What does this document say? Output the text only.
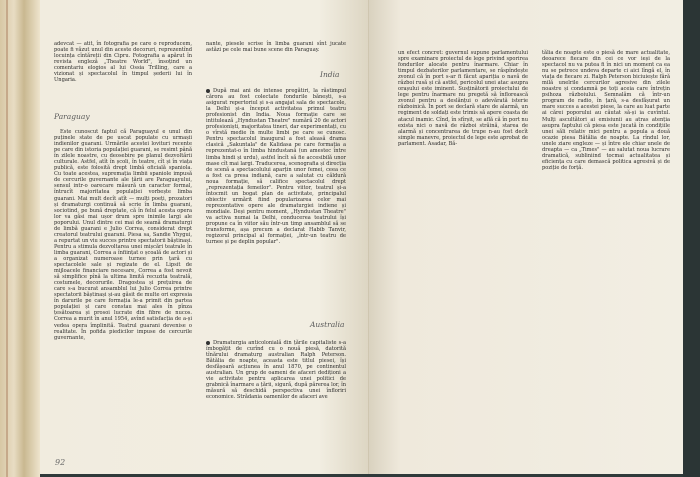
adevcat — atit, în fotografia pe care o reproducem, poate fi văzut unul din aceste decoruri, reprezentînd locuința cîntăreții din Cipru. Fotografia a apărut în revista engleză „Theatre World", însoțind un comentariu elogios al lui Ossia Trilling, care a vizionat și spectacolul în timpul șederii lui în Ungaria.

Paraguay

Este cunoscut faptul că Paraguayul e unul din puținele state de pe uscat populate cu urmașii indienilor guarani. Urmările acestei lovituri recente pe care din istoria populației guarani, se resimt până în zilele noastre, cu deosebire pe planul dezvoltării culturale. Astfel, atît în școli, în teatre, cît și în viața publică, este folosită drept limbă oficială spaniola. Cu toate acestea, supremația limbii spaniole impusă de cercurile guvernante ale țării are Paraguayului, sensul intr-o oarecare măsură un caracter formal, întrucît majoritatea populației vorbește limba guarani. Mai mult decît atît — mulți poeți, prozatori și dramaturgi continuă să scrie în limba guarani, sociotind, pe bună dreptate, că în felul acesta opera lor va găsi mai ușor drum spre inimile largi ale poporului. Unul dintre cei mai de seamă dramaturgi de limbă guarani e Julio Correa, considerat drept creatorul teatrului guarani. Piesa sa, Sandie Yhygui, a repurtat un viu succes printre spectatorii băștinași. Pentru a stimula dezvoltarea unei mișcări teatrale în limba guarani, Correa a înființat o școală de actori și a organizat numeroase turnee prin țară cu spectacolele sale și regizate de el. Lipsit de mijloacele financiare necesare, Correa a fost nevoit să simplifice pînă la ultima limită recuzita teatrală, costumele, decorurile. Dragostea și prețuirea de care s-a bucurat ansamblul lui Julio Correa printre spectatorii băștinași și-au găsit de multe ori expresia în darurile pe care formația le-a primit din partea populației și care constau mai ales în pînza țesătoarea și prosoi lucrate din fibre de nucos. Correa a murit în anul 1954, avînd satisfacția de a-și vedea opera împlinită. Teatrul guarani devenise o realitate. În pofida piedicilor impuse de cercurile guvernante,

nante, piesele scrise în limba guarani sînt jucate astăzi pe cele mai bune scene din Paraguay.

India

După mai ani de intense pregătiri, la răstimpul cărora au fost colectate fondurile bănești, s-a asigurat repertoriul și s-a angajat sala de spectacole, la Delhi și-a început activitatea primul teatru profesionist din India. Noua formație care se intitulează „Hyndustan Theatre" numără 20 de actori profesioniști, majoritatea tineri, dar experimentați, cu o vîrstă medie în multe limbi pe care se cunosc. Pentru spectacolul inaugural a fost aleasă drama clasică „Sakuntala" de Kalidasa pe care formația a reprezentat-o în limba hindustană (un amestec între limba hindi și urdu), astfel încît să fie accesibilă unor mase cît mai largi. Traducerea, scenografia și direcția de scenă a spectacolului aparțin unor femei, ceea ce a fost ca presa indiană, care a salutat cu căldură noua formație, să califice spectacolul drept „reprezentația femeilor". Pentru viitor, teatrul și-a întocmit un bogat plan de activitate, principalul obiectiv urmărit fiind popularizarea celor mai reprezentative opere ale dramaturgiei indiene și mondiale. Deși pentru moment, „Hyndustan Theatre" va activa numai la Delhi, conducerea teatrului își propune ca în viitor său într-un timp ansamblul să se transforme, așa precum a declarat Habib Tanvir, regizorul principal al formației, „într-un teatru de turnee și pe deplin popular".

Australia

Dramaturgia anticolonială din țările capitaliste s-a îmbogățit de curînd cu o nouă piesă, datorită tînărului dramaturg australian Ralph Peterson. Bătălia de noapte, aceasta este titlul piesei, își desfășoară acțiunea în anul 1870, pe continentul australian. Un grup de oameni de afaceri dediționi a vie activitate pentru aplicarea unei politici de grabnică înarmare a țării, sigură, după părerea lor, în măsură să deschidă perspectiva unei înfloriri economice. Strădania oamenilor de afaceri ave

92

un efect concret: guvernul supune parlamentului spre examinare proiectul de lege privind sporirea fondurilor alocate pentru înarmare. Chiar în timpul dezbaterilor parlamentare, se răspîndește zvonul că în port s-ar fi făcut apariția o navă de război rusă și că astfel, pericolul unei atac asupra orașului este iminent. Susținătorii proiectului de lege pentru înarmare nu pregetă să înflorească zvonul pentru a deslănțui o adevărată isterie războinică. În port se declară stare de alarmă, un regiment de soldați este trimis să apere coasta de atacul inamic. Cînd, în sfîrșit, se află că în port nu exista nici o navă de război străină, starea de alarmă și concentrarea de trupe n-au fost decît simple manevre, proiectul de lege este aprobat de parlament. Asadar, Bă-

tălia de noapte este o piesă de mare actualitate, deoarece fiecare din cei ce vor ieși de la spectacol nu va putea fi în nici un moment ca ea nu se petrece undeva departe ci aici lîngă el, în viața de fiecare zi. Ralph Peterson biciuiește fără milă unelrile cercurilor agresive din zilele noastre și condamnă pe toți aceia care întrețin psihoza războiului. Semnalăm că într-un program de radio, în țară, s-a desfășurat un mare succes a acestei piese, la care au luat parte ai cărei poporului au căutat să-și ia cuvîntul. Mulți ascultători ai emisiunii au atras atenția asupra faptului că piesa este jucată în condițiile unei săli relativ mici pentru a popula a două ocazie piesa Bătălia de noapte. La rîndul lor, unele ziare engleze — și între ele chiar unele de dreapta — ca „Times" — au salutat noua lucrare dramatică, subliniind tocmai actualitatea și eficiența cu care demască politica agresivă și de poziție de forță.
